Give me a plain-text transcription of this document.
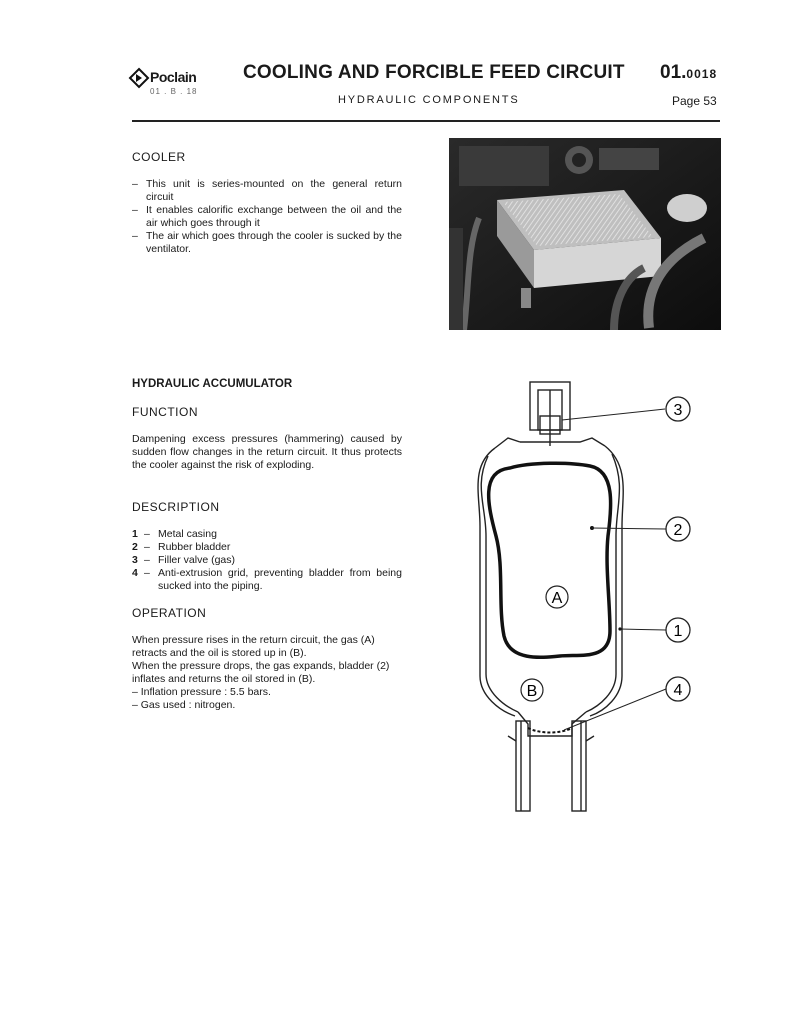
Poclain
01 . B . 18
COOLING AND FORCIBLE FEED CIRCUIT
HYDRAULIC COMPONENTS
01.0018
Page 53
COOLER
– This unit is series-mounted on the general return circuit
– It enables calorific exchange between the oil and the air which goes through it
– The air which goes through the cooler is sucked by the ventilator.
HYDRAULIC ACCUMULATOR
FUNCTION
Dampening excess pressures (hammering) caused by sudden flow changes in the return circuit. It thus protects the cooler against the risk of exploding.
DESCRIPTION
1 – Metal casing
2 – Rubber bladder
3 – Filler valve (gas)
4 – Anti-extrusion grid, preventing bladder from being sucked into the piping.
OPERATION
When pressure rises in the return circuit, the gas (A) retracts and the oil is stored up in (B).
When the pressure drops, the gas expands, bladder (2) inflates and returns the oil stored in (B).
– Inflation pressure : 5.5 bars.
– Gas used : nitrogen.
A
B
3
2
1
4
